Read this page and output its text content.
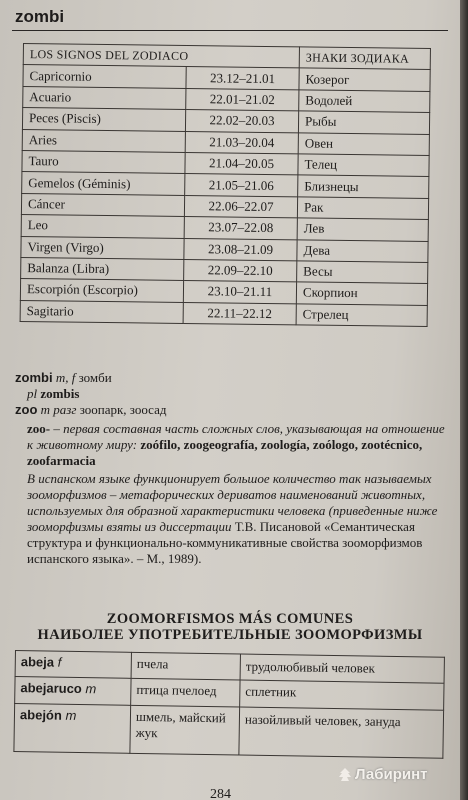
zombi
LOS SIGNOS DEL ZODIACO		ЗНАКИ ЗОДИАКА
Capricornio	23.12–21.01	Козерог
Acuario	22.01–21.02	Водолей
Peces (Piscis)	22.02–20.03	Рыбы
Aries	21.03–20.04	Овен
Tauro	21.04–20.05	Телец
Gemelos (Géminis)	21.05–21.06	Близнецы
Cáncer	22.06–22.07	Рак
Leo	23.07–22.08	Лев
Virgen (Virgo)	23.08–21.09	Дева
Balanza (Libra)	22.09–22.10	Весы
Escorpión (Escorpio)	23.10–21.11	Скорпион
Sagitario	22.11–22.12	Стрелец

zombi m, f зомби

pl zombis

zoo m разг зоопарк, зоосад

zoo- – первая составная часть сложных слов, указывающая на отношение к животному миру: zoófilo, zoogeografía, zoología, zoólogo, zootécnico, zoofarmacia

В испанском языке функционирует большое количество так называемых зооморфизмов – метафорических дериватов наименований животных, используемых для образной характеристики человека (приведенные ниже зооморфизмы взяты из диссертации Т.В. Писановой «Семантическая структура и функционально-коммуникативные свойства зооморфизмов испанского языка». – М., 1989).

ZOOMORFISMOS MÁS COMUNES
НАИБОЛЕЕ УПОТРЕБИТЕЛЬНЫЕ ЗООМОРФИЗМЫ
abeja f	пчела	трудолюбивый человек
abejaruco m	птица пчелоед	сплетник
abejón m	шмель, майский жук	назойливый человек, зануда
284
Лабиринт
